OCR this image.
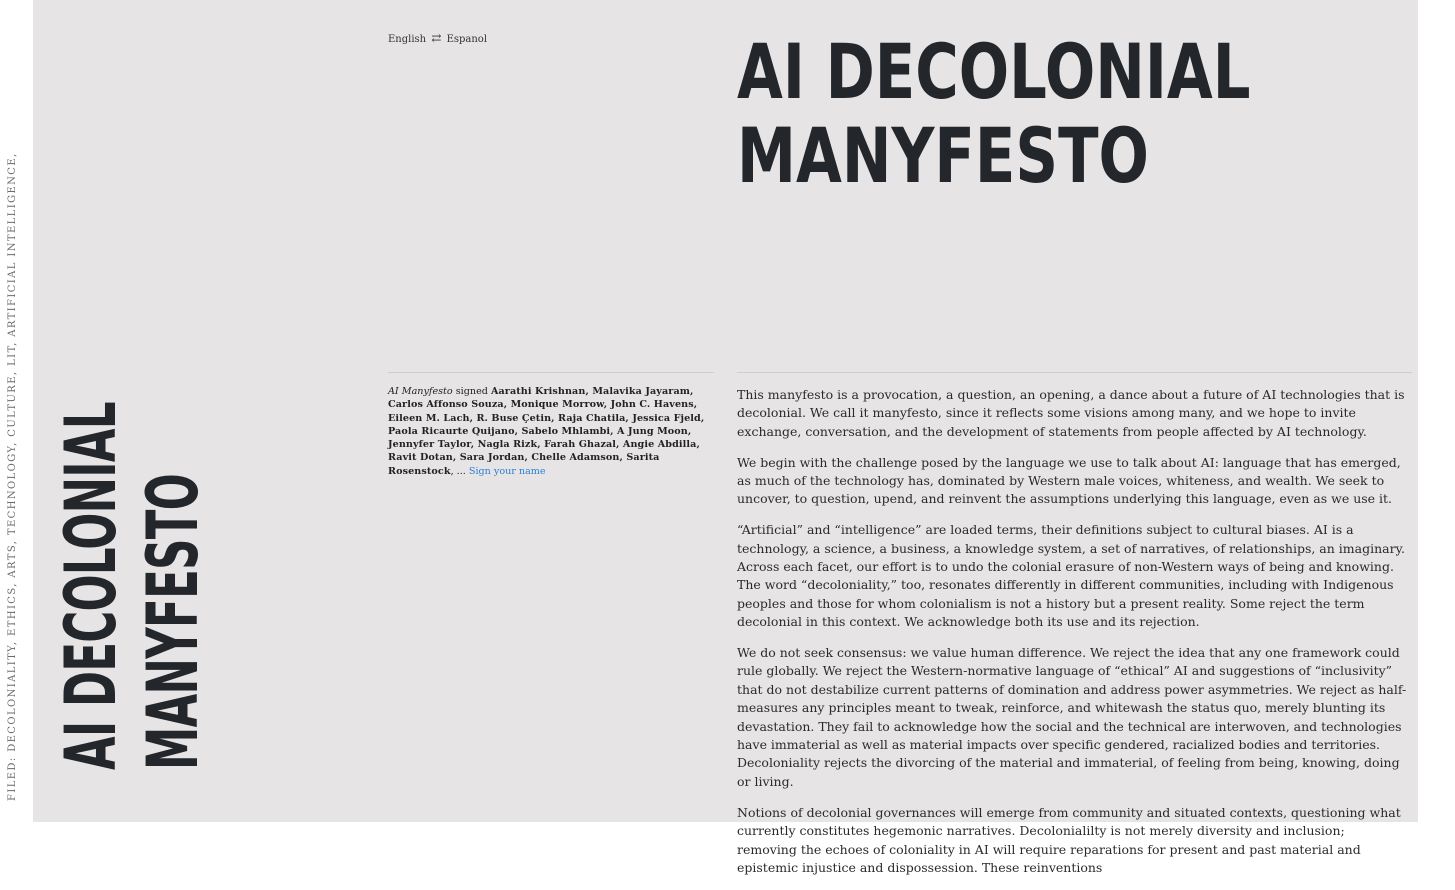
FILED: DECOLONIALITY, ETHICS, ARTS, TECHNOLOGY, CULTURE, LIT, ARTIFICIAL INTELLIGENCE, AI DECOLONIAL MANYFESTO
English ⇄ Espanol	AI DECOLONIAL
MANYFESTO
AI Manyfesto signed Aarathi Krishnan, Malavika Jayaram, Carlos Affonso Souza, Monique Morrow, John C. Havens, Eileen M. Lach, R. Buse Çetin, Raja Chatila, Jessica Fjeld, Paola Ricaurte Quijano, Sabelo Mhlambi, A Jung Moon, Jennyfer Taylor, Nagla Rizk, Farah Ghazal, Angie Abdilla, Ravit Dotan, Sara Jordan, Chelle Adamson, Sarita Rosenstock, ... Sign your name

This manyfesto is a provocation, a question, an opening, a dance about a future of AI technologies that is decolonial. We call it manyfesto, since it reflects some visions among many, and we hope to invite exchange, conversation, and the development of statements from people affected by AI technology.

We begin with the challenge posed by the language we use to talk about AI: language that has emerged, as much of the technology has, dominated by Western male voices, whiteness, and wealth. We seek to uncover, to question, upend, and reinvent the assumptions underlying this language, even as we use it.

“Artificial” and “intelligence” are loaded terms, their definitions subject to cultural biases. AI is a technology, a science, a business, a knowledge system, a set of narratives, of relationships, an imaginary. Across each facet, our effort is to undo the colonial erasure of non-Western ways of being and knowing. The word “decoloniality,” too, resonates differently in different communities, including with Indigenous peoples and those for whom colonialism is not a history but a present reality. Some reject the term decolonial in this context. We acknowledge both its use and its rejection.

We do not seek consensus: we value human difference. We reject the idea that any one framework could rule globally. We reject the Western-normative language of “ethical” AI and suggestions of “inclusivity” that do not destabilize current patterns of domination and address power asymmetries. We reject as half-measures any principles meant to tweak, reinforce, and whitewash the status quo, merely blunting its devastation. They fail to acknowledge how the social and the technical are interwoven, and technologies have immaterial as well as material impacts over specific gendered, racialized bodies and territories. Decoloniality rejects the divorcing of the material and immaterial, of feeling from being, knowing, doing or living.

Notions of decolonial governances will emerge from community and situated contexts, questioning what currently constitutes hegemonic narratives. Decolonialilty is not merely diversity and inclusion; removing the echoes of coloniality in AI will require reparations for present and past material and epistemic injustice and dispossession. These reinventions
